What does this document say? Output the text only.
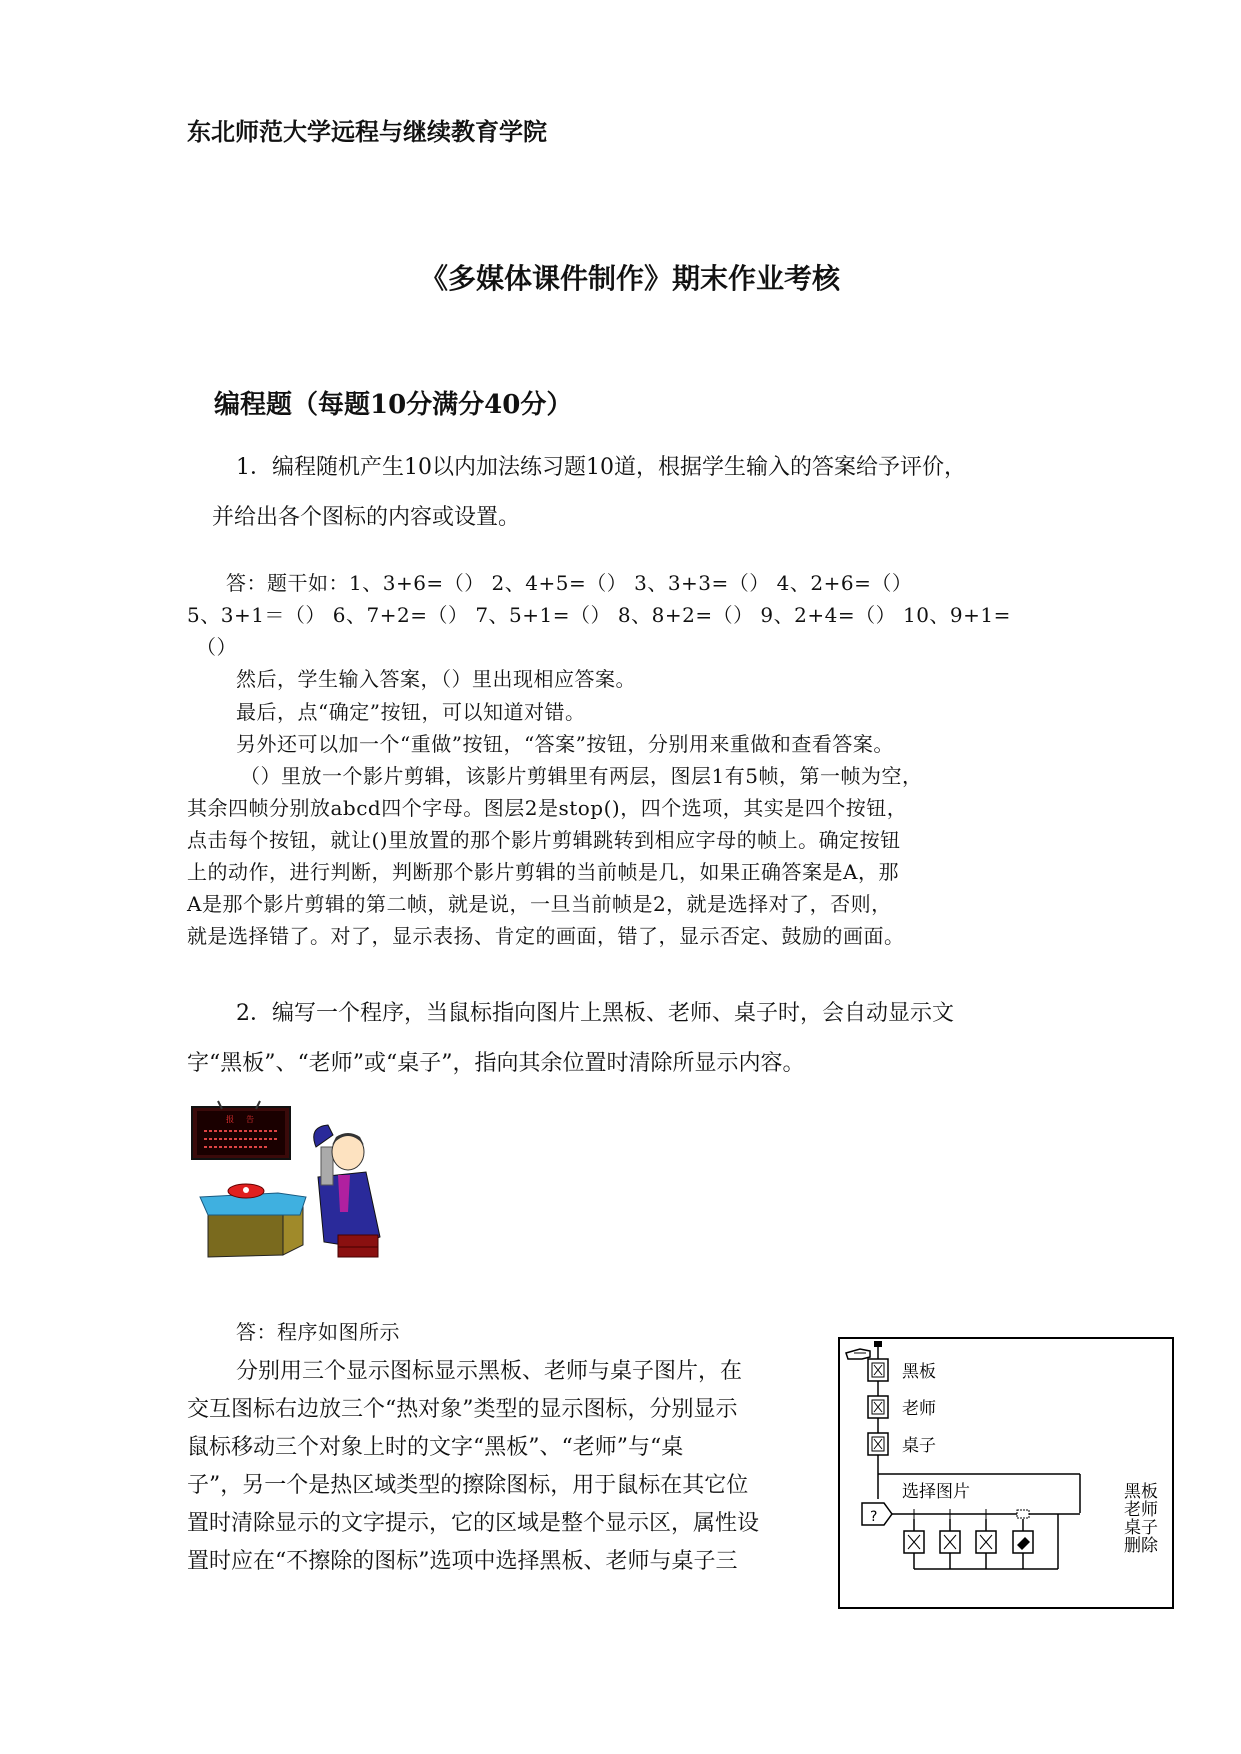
东北师范大学远程与继续教育学院
《多媒体课件制作》期末作业考核
编程题（每题10分满分40分）
1．编程随机产生10以内加法练习题10道，根据学生输入的答案给予评价，
并给出各个图标的内容或设置。
答：题干如：1、3+6=（） 2、4+5=（） 3、3+3=（） 4、2+6=（）
5、3+1＝（） 6、7+2=（） 7、5+1=（） 8、8+2=（） 9、2+4=（） 10、9+1=
（）
然后，学生输入答案，（）里出现相应答案。
最后，点“确定”按钮，可以知道对错。
另外还可以加一个“重做”按钮，“答案”按钮，分别用来重做和查看答案。
（）里放一个影片剪辑，该影片剪辑里有两层，图层1有5帧，第一帧为空，
其余四帧分别放abcd四个字母。图层2是stop()，四个选项，其实是四个按钮，
点击每个按钮，就让()里放置的那个影片剪辑跳转到相应字母的帧上。确定按钮
上的动作，进行判断，判断那个影片剪辑的当前帧是几，如果正确答案是A，那
A是那个影片剪辑的第二帧，就是说，一旦当前帧是2，就是选择对了，否则，
就是选择错了。对了，显示表扬、肯定的画面，错了，显示否定、鼓励的画面。
2．编写一个程序，当鼠标指向图片上黑板、老师、桌子时，会自动显示文
字“黑板”、“老师”或“桌子”，指向其余位置时清除所显示内容。
报 告
答：程序如图所示
分别用三个显示图标显示黑板、老师与桌子图片，在
交互图标右边放三个“热对象”类型的显示图标，分别显示
鼠标移动三个对象上时的文字“黑板”、“老师”与“桌
子”，另一个是热区域类型的擦除图标，用于鼠标在其它位
置时清除显示的文字提示，它的区域是整个显示区，属性设
置时应在“不擦除的图标”选项中选择黑板、老师与桌子三
黑板
老师
桌子
选择图片
?
黑板
老师
桌子
删除
